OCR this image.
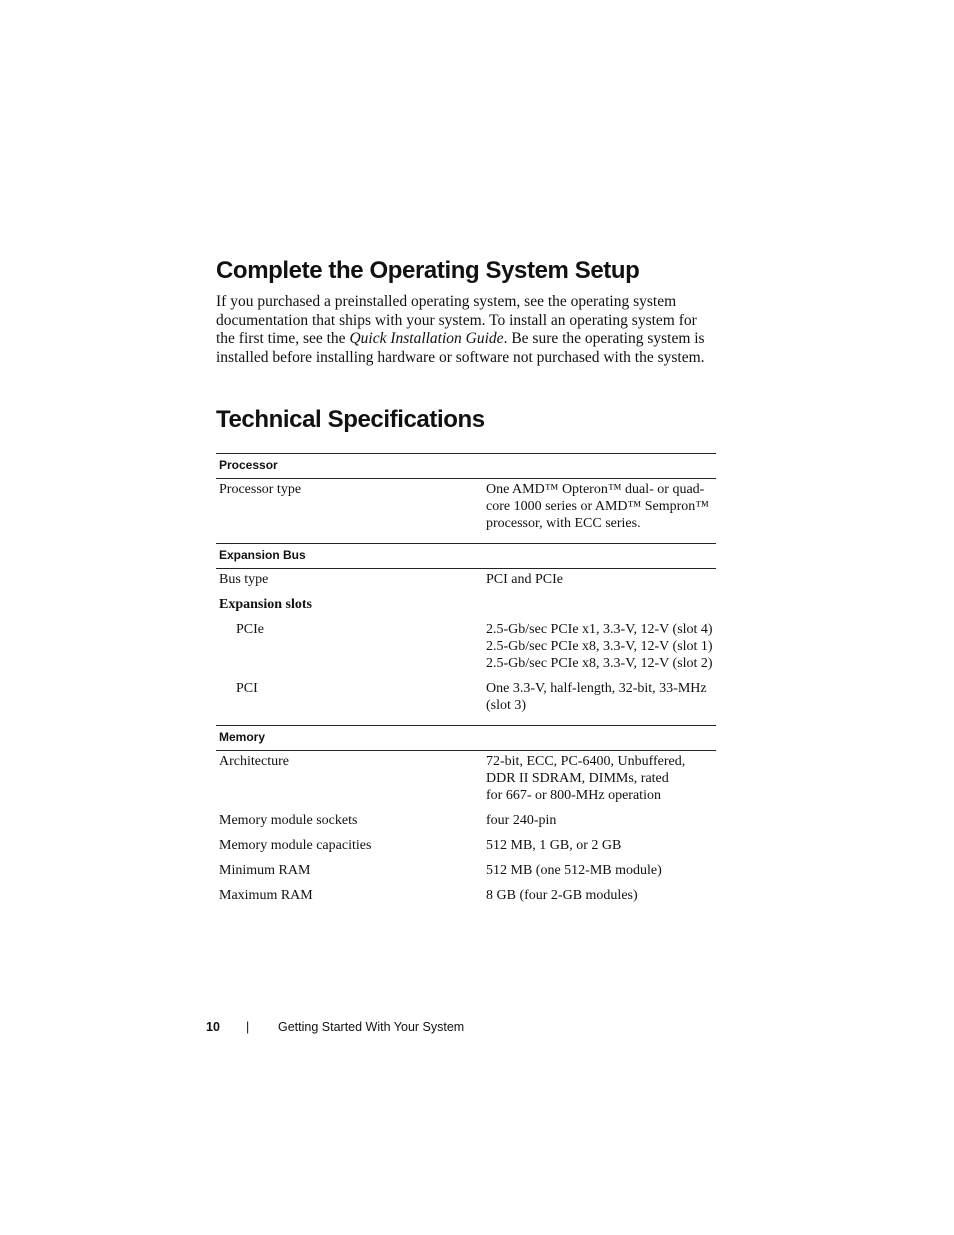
Complete the Operating System Setup

If you purchased a preinstalled operating system, see the operating system documentation that ships with your system. To install an operating system for the first time, see the Quick Installation Guide. Be sure the operating system is installed before installing hardware or software not purchased with the system.

Technical Specifications
Processor	
Processor type	One AMD™ Opteron™ dual- or quad-
core 1000 series or AMD™ Sempron™
processor, with ECC series.

Expansion Bus	
Bus type	PCI and PCIe

Expansion slots	
PCIe	2.5-Gb/sec PCIe x1, 3.3-V, 12-V (slot 4)
2.5-Gb/sec PCIe x8, 3.3-V, 12-V (slot 1)
2.5-Gb/sec PCIe x8, 3.3-V, 12-V (slot 2)

PCI	One 3.3-V, half-length, 32-bit, 33-MHz
(slot 3)

Memory	
Architecture	72-bit, ECC, PC-6400, Unbuffered,
DDR II SDRAM, DIMMs, rated
for 667- or 800-MHz operation

Memory module sockets	four 240-pin

Memory module capacities	512 MB, 1 GB, or 2 GB

Minimum RAM	512 MB (one 512-MB module)

Maximum RAM	8 GB (four 2-GB modules)
10 | Getting Started With Your System
